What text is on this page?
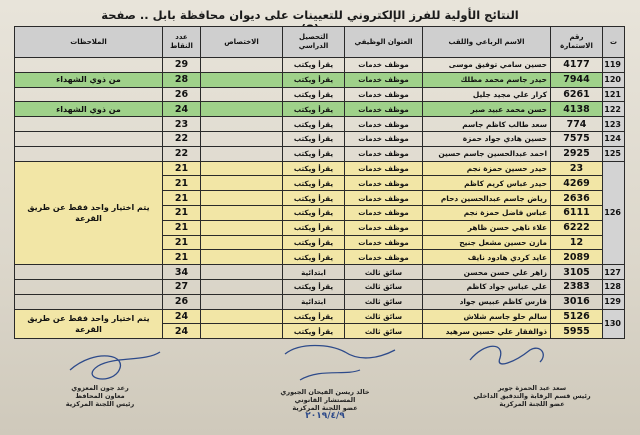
النتائج الأولية للفرز الإلكتروني للتعيينات على ديوان محافظة بابل .. صفحة
ت	رقم الاستمارة	الاسم الرباعي واللقب	العنوان الوظيفي	التحصيل الدراسي	الاختصاص	عدد النقاط	الملاحظات
119	4177	حسين سامي توفيق موسى	موظف خدمات	يقرأ ويكتب		29	
120	7944	حيدر جاسم محمد مطلك	موظف خدمات	يقرأ ويكتب		28	من ذوي الشهداء
121	6261	كرار علي مجيد جليل	موظف خدمات	يقرأ ويكتب		26	
122	4138	حسن محمد عبيد صبر	موظف خدمات	يقرأ ويكتب		24	من ذوي الشهداء
123	774	سعد طالب كاظم جاسم	موظف خدمات	يقرأ ويكتب		23	
124	7575	حسين هادي جواد حمزة	موظف خدمات	يقرأ ويكتب		22	
125	2925	احمد عبدالحسين جاسم حسين	موظف خدمات	يقرأ ويكتب		22	
126	23	حيدر حسين حمزة نجم	موظف خدمات	يقرأ ويكتب		21	يتم اختيار واحد فقط عن طريق القرعة
	4269	حيدر عباس كريم كاظم	موظف خدمات	يقرأ ويكتب		21	
	2636	رياض جاسم عبدالحسين دحام	موظف خدمات	يقرأ ويكتب		21	
	6111	عباس فاضل حمزة نجم	موظف خدمات	يقرأ ويكتب		21	
	6222	علاء ناهي حسن ظاهر	موظف خدمات	يقرأ ويكتب		21	
	12	مازن حسين مشعل جنيح	موظف خدمات	يقرأ ويكتب		21	
	2089	عايد كردي هادود نايف	موظف خدمات	يقرأ ويكتب		21	
127	3105	زاهر علي حسن محسن	سائق ثالث	ابتدائية		34	
128	2383	علي عباس جواد كاظم	سائق ثالث	يقرأ ويكتب		27	
129	3016	فارس كاظم عبيس جواد	سائق ثالث	ابتدائية		26	
130	5126	سالم حلو جاسم شلاش	سائق ثالث	يقرأ ويكتب		24	يتم اختيار واحد فقط عن طريق القرعة
	5955	ذوالفقار علي حسين سرهيد	سائق ثالث	يقرأ ويكتب		24	
سعد عبد الحمزة جوير
رئيس قسم الرقابة والتدقيق الداخلي
عضو اللجنة المركزية
خالد ريسن الفيحان الجبوري
المستشار القانوني
عضو اللجنة المركزية
٢٠١٩/٤/٩
رعد جون المعزوي
معاون المحافظ
رئيس اللجنة المركزية
